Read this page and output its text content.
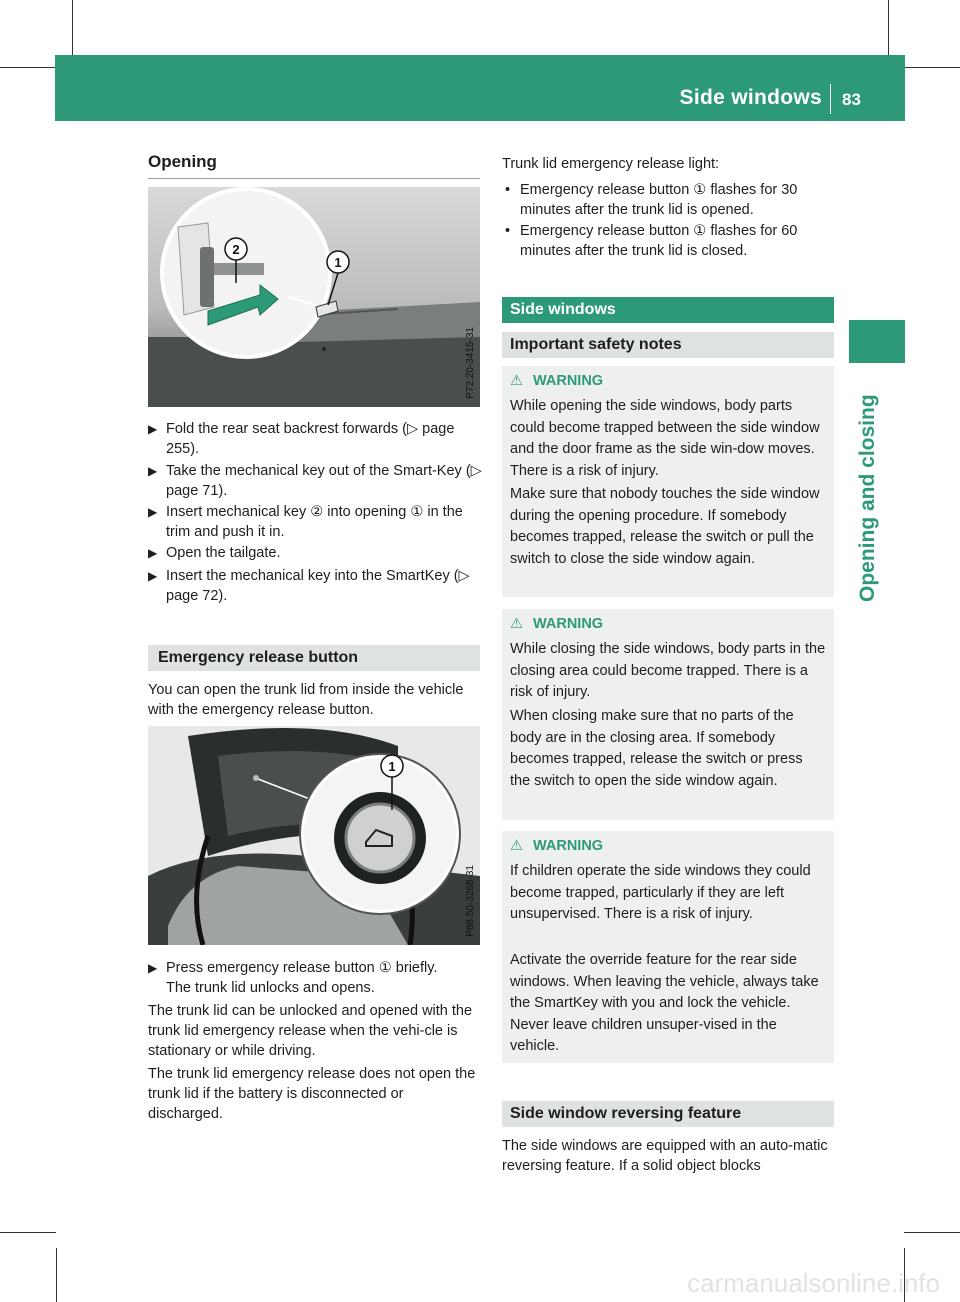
Side windows 83
Opening and closing
Opening
2
1
P72.20-3415-31
▶ Fold the rear seat backrest forwards (▷ page 255).
▶ Take the mechanical key out of the Smart-Key (▷ page 71).
▶ Insert mechanical key ② into opening ① in the trim and push it in.
▶ Open the tailgate.
▶ Insert the mechanical key into the SmartKey (▷ page 72).
Emergency release button
You can open the trunk lid from inside the vehicle with the emergency release button.
1
P88.50-3268-31
▶ Press emergency release button ① briefly. The trunk lid unlocks and opens.
The trunk lid can be unlocked and opened with the trunk lid emergency release when the vehi-cle is stationary or while driving.
The trunk lid emergency release does not open the trunk lid if the battery is disconnected or discharged.
Trunk lid emergency release light:
• Emergency release button ① flashes for 30 minutes after the trunk lid is opened.
• Emergency release button ① flashes for 60 minutes after the trunk lid is closed.
Side windows
Important safety notes
⚠ WARNING
While opening the side windows, body parts could become trapped between the side window and the door frame as the side win-dow moves. There is a risk of injury.
Make sure that nobody touches the side window during the opening procedure. If somebody becomes trapped, release the switch or pull the switch to close the side window again.
⚠ WARNING
While closing the side windows, body parts in the closing area could become trapped. There is a risk of injury.
When closing make sure that no parts of the body are in the closing area. If somebody becomes trapped, release the switch or press the switch to open the side window again.
⚠ WARNING
If children operate the side windows they could become trapped, particularly if they are left unsupervised. There is a risk of injury.
Activate the override feature for the rear side windows. When leaving the vehicle, always take the SmartKey with you and lock the vehicle. Never leave children unsuper-vised in the vehicle.
Side window reversing feature
The side windows are equipped with an auto-matic reversing feature. If a solid object blocks
carmanualsonline.info
